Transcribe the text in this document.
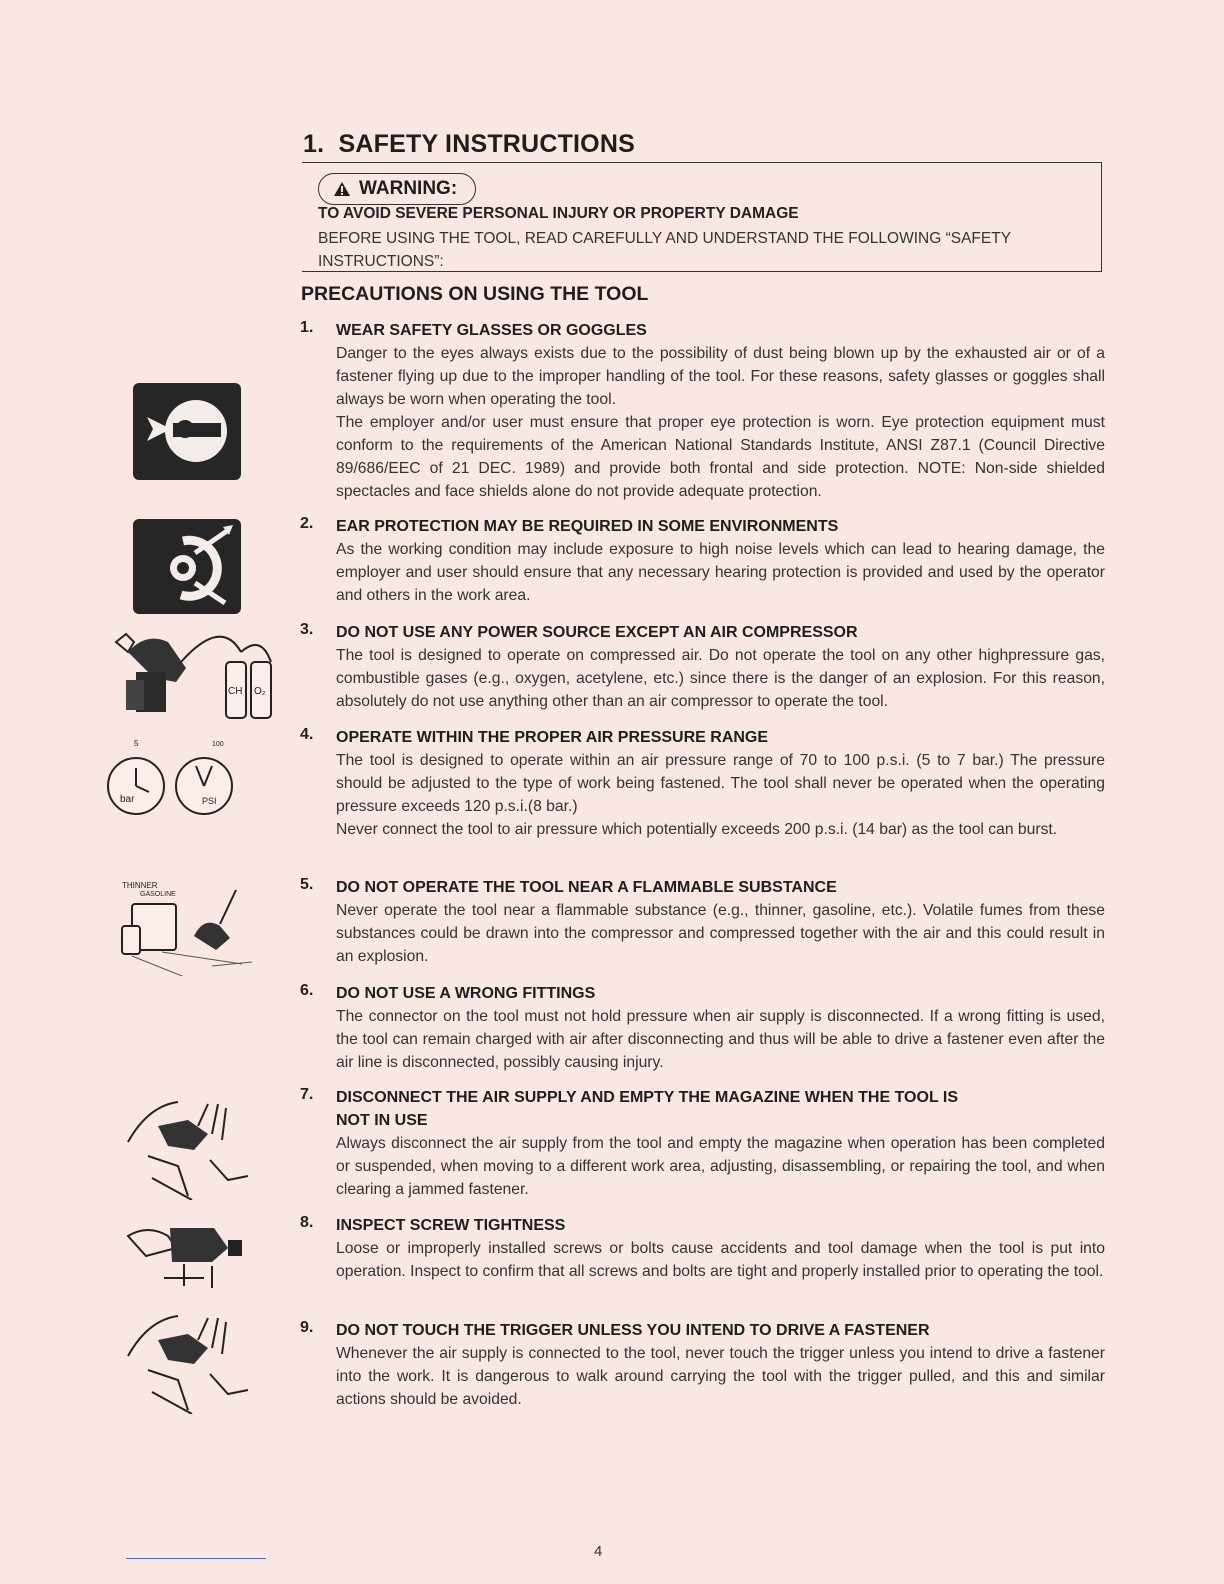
1. SAFETY INSTRUCTIONS
WARNING:
TO AVOID SEVERE PERSONAL INJURY OR PROPERTY DAMAGE
BEFORE USING THE TOOL, READ CAREFULLY AND UNDERSTAND THE FOLLOWING “SAFETY INSTRUCTIONS”:
PRECAUTIONS ON USING THE TOOL
1. WEAR SAFETY GLASSES OR GOGGLES
Danger to the eyes always exists due to the possibility of dust being blown up by the exhausted air or of a fastener flying up due to the improper handling of the tool. For these reasons, safety glasses or goggles shall always be worn when operating the tool.
The employer and/or user must ensure that proper eye protection is worn. Eye protection equipment must conform to the requirements of the American National Standards Institute, ANSI Z87.1 (Council Directive 89/686/EEC of 21 DEC. 1989) and provide both frontal and side protection. NOTE: Non-side shielded spectacles and face shields alone do not provide adequate protection.
2. EAR PROTECTION MAY BE REQUIRED IN SOME ENVIRONMENTS
As the working condition may include exposure to high noise levels which can lead to hearing damage, the employer and user should ensure that any necessary hearing protection is provided and used by the operator and others in the work area.
3. DO NOT USE ANY POWER SOURCE EXCEPT AN AIR COMPRESSOR
The tool is designed to operate on compressed air. Do not operate the tool on any other highpressure gas, combustible gases (e.g., oxygen, acetylene, etc.) since there is the danger of an explosion. For this reason, absolutely do not use anything other than an air compressor to operate the tool.
4. OPERATE WITHIN THE PROPER AIR PRESSURE RANGE
The tool is designed to operate within an air pressure range of 70 to 100 p.s.i. (5 to 7 bar.) The pressure should be adjusted to the type of work being fastened. The tool shall never be operated when the operating pressure exceeds 120 p.s.i.(8 bar.)
Never connect the tool to air pressure which potentially exceeds 200 p.s.i. (14 bar) as the tool can burst.
5. DO NOT OPERATE THE TOOL NEAR A FLAMMABLE SUBSTANCE
Never operate the tool near a flammable substance (e.g., thinner, gasoline, etc.). Volatile fumes from these substances could be drawn into the compressor and compressed together with the air and this could result in an explosion.
6. DO NOT USE A WRONG FITTINGS
The connector on the tool must not hold pressure when air supply is disconnected. If a wrong fitting is used, the tool can remain charged with air after disconnecting and thus will be able to drive a fastener even after the air line is disconnected, possibly causing injury.
7. DISCONNECT THE AIR SUPPLY AND EMPTY THE MAGAZINE WHEN THE TOOL IS
NOT IN USE
Always disconnect the air supply from the tool and empty the magazine when operation has been completed or suspended, when moving to a different work area, adjusting, disassembling, or repairing the tool, and when clearing a jammed fastener.
8. INSPECT SCREW TIGHTNESS
Loose or improperly installed screws or bolts cause accidents and tool damage when the tool is put into operation. Inspect to confirm that all screws and bolts are tight and properly installed prior to operating the tool.
9. DO NOT TOUCH THE TRIGGER UNLESS YOU INTEND TO DRIVE A FASTENER
Whenever the air supply is connected to the tool, never touch the trigger unless you intend to drive a fastener into the work. It is dangerous to walk around carrying the tool with the trigger pulled, and this and similar actions should be avoided.
CH O₂
bar	PSI
5	100
THINNER
GASOLINE
4
